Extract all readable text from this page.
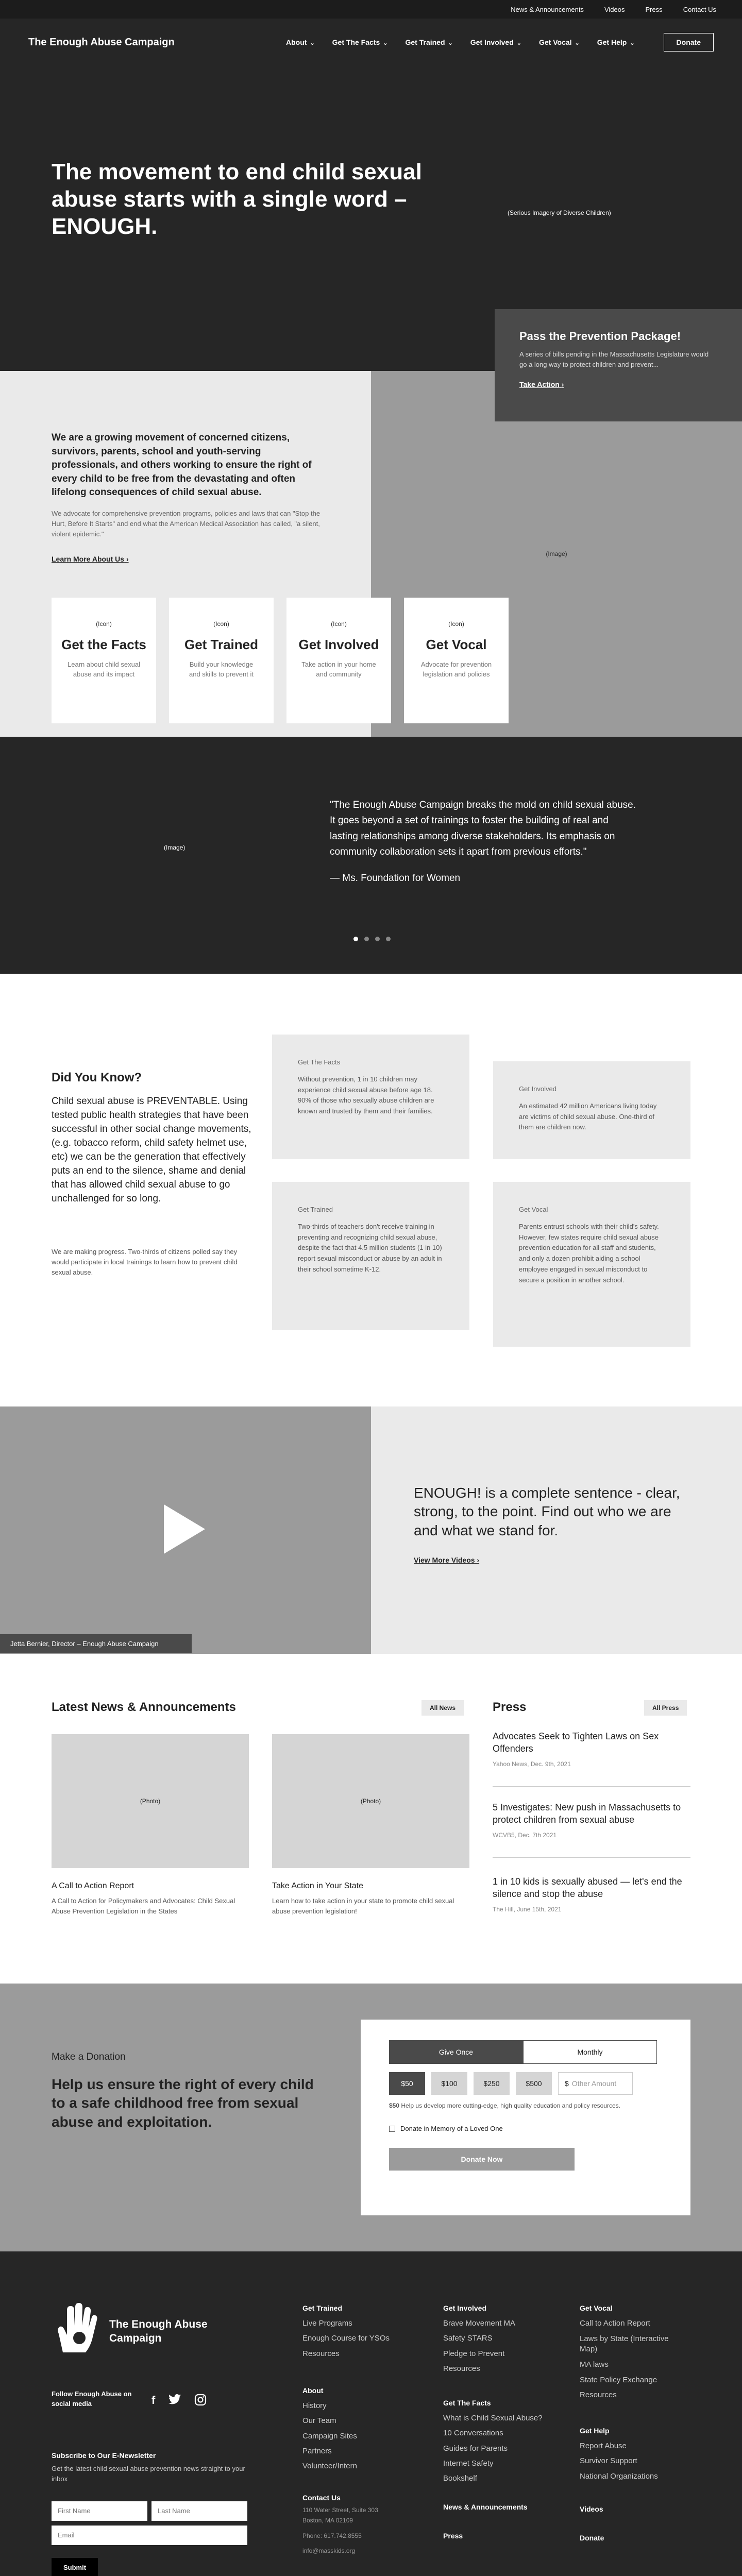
News & Announcements	Videos	Press	Contact Us
The Enough Abuse Campaign	About ⌄ Get The Facts ⌄ Get Trained ⌄ Get Involved ⌄ Get Vocal ⌄ Get Help ⌄	Donate
The movement to end child sexual abuse starts with a single word – ENOUGH.
(Serious Imagery of Diverse Children)
(Image)
Pass the Prevention Package!

A series of bills pending in the Massachusetts Legislature would go a long way to protect children and prevent...

Take Action ›

We are a growing movement of concerned citizens, survivors, parents, school and youth-serving professionals, and others working to ensure the right of every child to be free from the devastating and often lifelong consequences of child sexual abuse.

We advocate for comprehensive prevention programs, policies and laws that can "Stop the Hurt, Before It Starts" and end what the American Medical Association has called, "a silent, violent epidemic."

Learn More About Us ›
(Icon)
Get the Facts

Learn about child sexual abuse and its impact

(Icon)
Get Trained

Build your knowledge and skills to prevent it

(Icon)
Get Involved

Take action in your home and community

(Icon)
Get Vocal

Advocate for prevention legislation and policies

(Image)

"The Enough Abuse Campaign breaks the mold on child sexual abuse. It goes beyond a set of trainings to foster the building of real and lasting relationships among diverse stakeholders. Its emphasis on community collaboration sets it apart from previous efforts."

— Ms. Foundation for Women

Did You Know?

Child sexual abuse is PREVENTABLE. Using tested public health strategies that have been successful in other social change movements,(e.g. tobacco reform, child safety helmet use, etc) we can be the generation that effectively puts an end to the silence, shame and denial that has allowed child sexual abuse to go unchallenged for so long.

We are making progress. Two-thirds of citizens polled say they would participate in local trainings to learn how to prevent child sexual abuse.

Get The Facts

Without prevention, 1 in 10 children may experience child sexual abuse before age 18. 90% of those who sexually abuse children are known and trusted by them and their families.

Get Involved

An estimated 42 million Americans living today are victims of child sexual abuse. One-third of them are children now.

Get Trained

Two-thirds of teachers don't receive training in preventing and recognizing child sexual abuse, despite the fact that 4.5 million students (1 in 10) report sexual misconduct or abuse by an adult in their school sometime K-12.

Get Vocal

Parents entrust schools with their child's safety. However, few states require child sexual abuse prevention education for all staff and students, and only a dozen prohibit aiding a school employee engaged in sexual misconduct to secure a position in another school.

Jetta Bernier, Director – Enough Abuse Campaign

ENOUGH! is a complete sentence - clear, strong, to the point. Find out who we are and what we stand for.

View More Videos ›
Latest News & Announcements	All News
(Photo)
A Call to Action Report

A Call to Action for Policymakers and Advocates: Child Sexual Abuse Prevention Legislation in the States

(Photo)
Take Action in Your State

Learn how to take action in your state to promote child sexual abuse prevention legislation!

Press	All Press
Advocates Seek to Tighten Laws on Sex Offenders
Yahoo News, Dec. 9th, 2021
5 Investigates: New push in Massachusetts to protect children from sexual abuse
WCVB5, Dec. 7th 2021
1 in 10 kids is sexually abused — let's end the silence and stop the abuse
The Hill, June 15th, 2021

Make a Donation

Help us ensure the right of every child to a safe childhood free from sexual abuse and exploitation.

Give Once	Monthly
$50	$100	$250	$500	$ Other Amount

$50 Help us develop more cutting-edge, high quality education and policy resources.

Donate in Memory of a Loved One
Donate Now
The Enough Abuse Campaign
Follow Enough Abuse on social media	f
Subscribe to Our E-Newsletter
Get the latest child sexual abuse prevention news straight to your inbox
First Name	Last Name
Email
Submit
Get Trained
Live Programs
Enough Course for YSOs
Resources
About
History
Our Team
Campaign Sites
Partners
Volunteer/Intern
Contact Us
110 Water Street, Suite 303 Boston, MA 02109
Phone: 617.742.8555
info@masskids.org
Get Involved
Brave Movement MA
Safety STARS
Pledge to Prevent
Resources
Get The Facts
What is Child Sexual Abuse?
10 Conversations
Guides for Parents
Internet Safety
Bookshelf
News & Announcements
Press
Get Vocal
Call to Action Report
Laws by State (Interactive Map)
MA laws
State Policy Exchange
Resources
Get Help
Report Abuse
Survivor Support
National Organizations
Videos
Donate
